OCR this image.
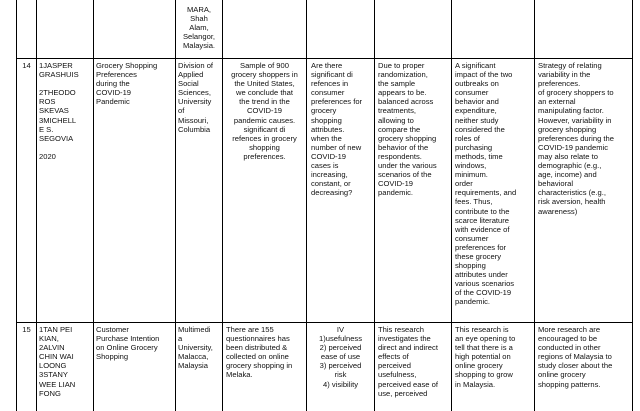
MARA,
Shah
Alam,
Selangor,
Malaysia.
14	1JASPER
GRASHUIS

2THEODO
ROS
SKEVAS
3MICHELL
E S.
SEGOVIA

2020
Grocery Shopping
Preferences
during the
COVID-19
Pandemic
Division of
Applied
Social
Sciences,
University
of
Missouri,
Columbia
Sample of 900
grocery shoppers in
the United States,
we conclude that
the trend in the
COVID-19
pandemic causes.
significant di
refences in grocery
shopping
preferences.
Are there
significant di
refences in
consumer
preferences for
grocery
shopping
attributes.
when the
number of new
COVID-19
cases is
increasing,
constant, or
decreasing?
Due to proper
randomization,
the sample
appears to be.
balanced across
treatments,
allowing to
compare the
grocery shopping
behavior of the
respondents.
under the various
scenarios of the
COVID-19
pandemic.
A significant
impact of the two
outbreaks on
consumer
behavior and
expenditure,
neither study
considered the
roles of
purchasing
methods, time
windows,
minimum.
order
requirements, and
fees. Thus,
contribute to the
scarce literature
with evidence of
consumer
preferences for
these grocery
shopping
attributes under
various scenarios
of the COVID-19
pandemic.
Strategy of relating
variability in the
preferences.
of grocery shoppers to
an external
manipulating factor.
However, variability in
grocery shopping
preferences during the
COVID-19 pandemic
may also relate to
demographic (e.g.,
age, income) and
behavioral
characteristics (e.g.,
risk aversion, health
awareness)
15	1TAN PEI
KIAN,
2ALVIN
CHIN WAI
LOONG
3STANY
WEE LIAN
FONG
Customer
Purchase Intention
on Online Grocery
Shopping
Multimedi
a
University,
Malacca,
Malaysia
There are 155
questionnaires has
been distributed &
collected on online
grocery shopping in
Melaka.
IV
1)usefulness
2) perceived
ease of use
3) perceived
risk
4) visibility
This research
investigates the
direct and indirect
effects of
perceived
usefulness,
perceived ease of
use, perceived
This research is
an eye opening to
tell that there is a
high potential on
online grocery
shopping to grow
in Malaysia.
More research are
encouraged to be
conducted in other
regions of Malaysia to
study closer about the
online grocery
shopping patterns.
